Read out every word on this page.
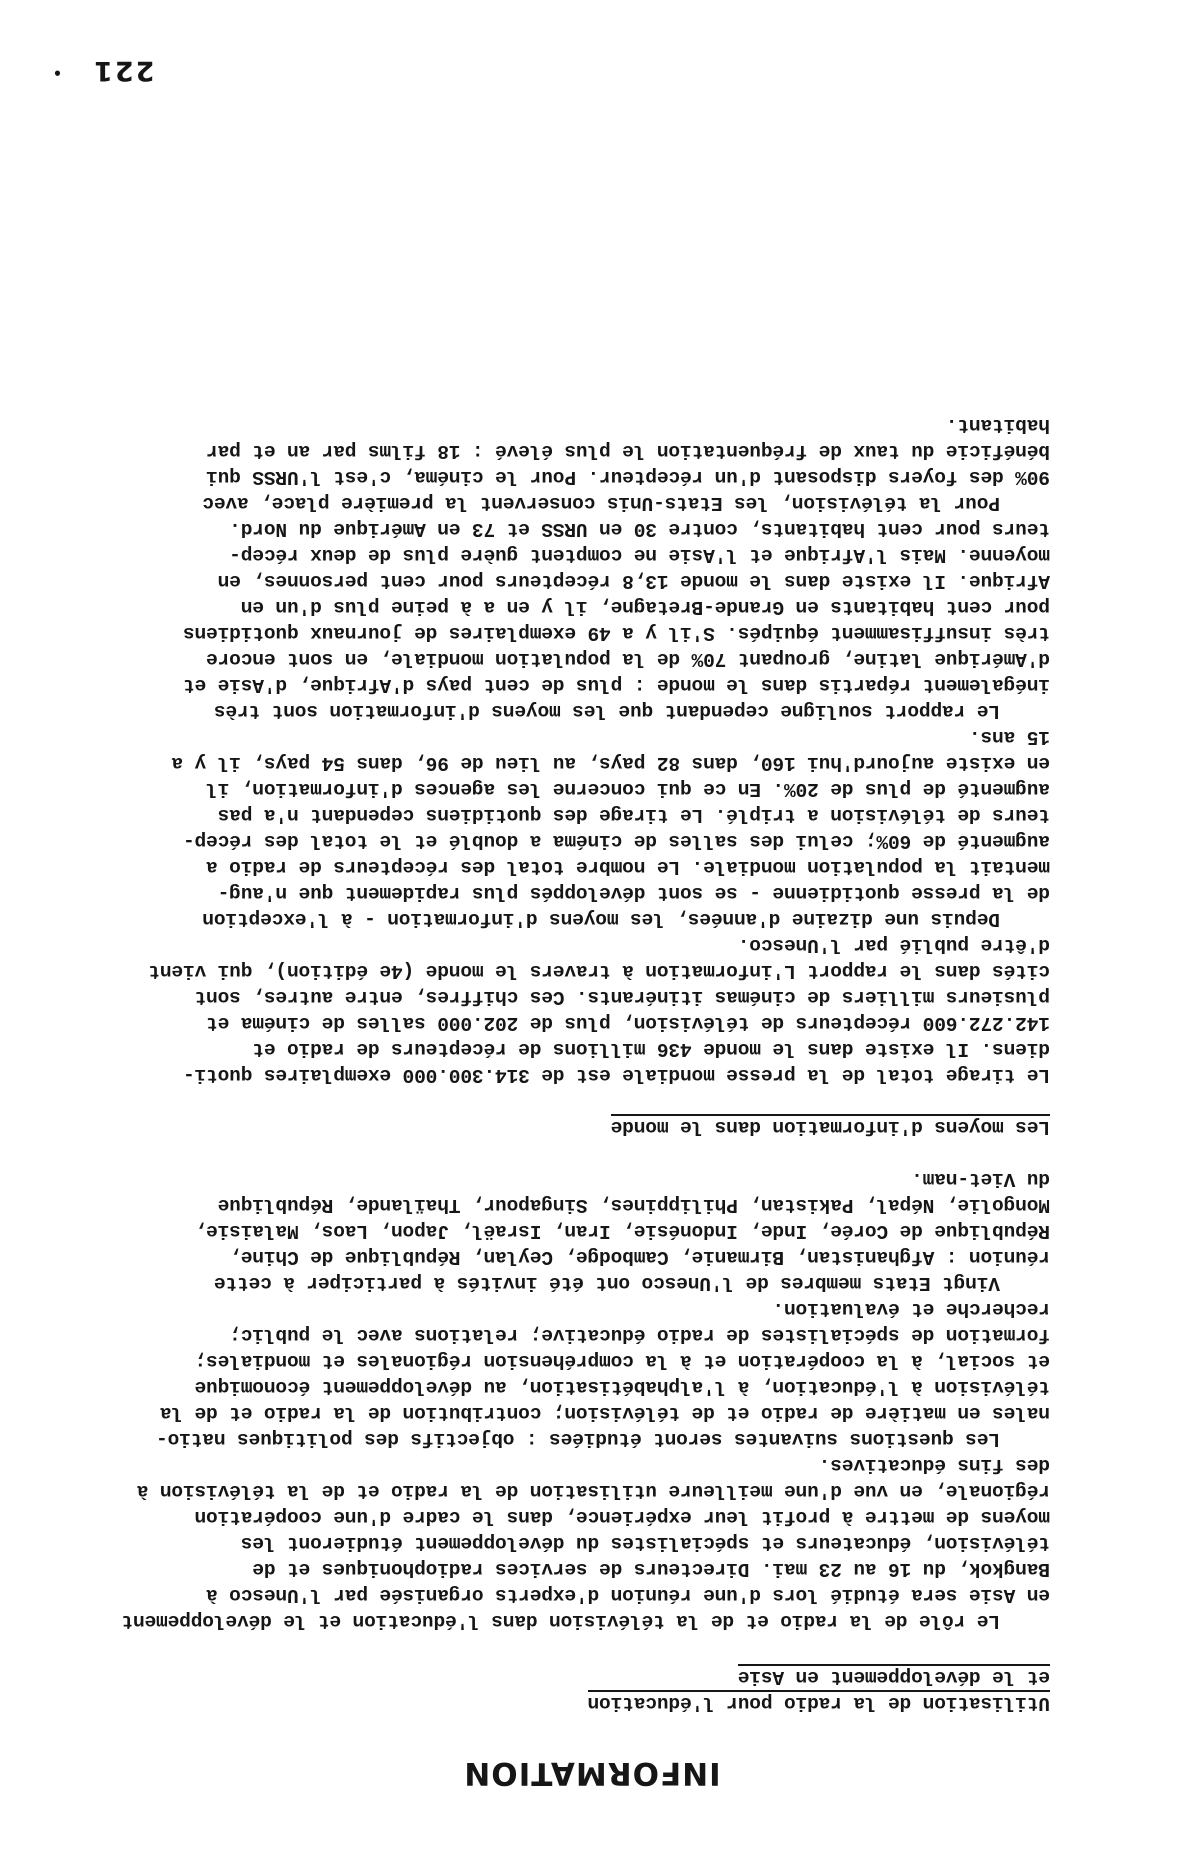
INFORMATION
Utilisation de la radio pour l'éducation
et le développement en Asie
Le rôle de la radio et de la télévision dans l'éducation et le développement
en Asie sera étudié lors d'une réunion d'experts organisée par l'Unesco à
Bangkok, du 16 au 23 mai. Directeurs de services radiophoniques et de
télévision, éducateurs et spécialistes du développement étudieront les
moyens de mettre à profit leur expérience, dans le cadre d'une coopération
régionale, en vue d'une meilleure utilisation de la radio et de la télévision à
des fins éducatives.
Les questions suivantes seront étudiées : objectifs des politiques natio-
nales en matière de radio et de télévision; contribution de la radio et de la
télévision à l'éducation, à l'alphabétisation, au développement économique
et social, à la coopération et à la compréhension régionales et mondiales;
formation de spécialistes de radio éducative; relations avec le public;
recherche et évaluation.
Vingt Etats membres de l'Unesco ont été invités à participer à cette
réunion : Afghanistan, Birmanie, Cambodge, Ceylan, République de Chine,
République de Corée, Inde, Indonésie, Iran, Israël, Japon, Laos, Malaisie,
Mongolie, Népal, Pakistan, Philippines, Singapour, Thaïlande, République
du Viet-nam.
Les moyens d'information dans le monde
Le tirage total de la presse mondiale est de 314.300.000 exemplaires quoti-
diens. Il existe dans le monde 436 millions de récepteurs de radio et
142.272.600 récepteurs de télévision, plus de 202.000 salles de cinéma et
plusieurs milliers de cinémas itinérants. Ces chiffres, entre autres, sont
cités dans le rapport L'information à travers le monde (4e édition), qui vient
d'être publié par l'Unesco.
Depuis une dizaine d'années, les moyens d'information - à l'exception
de la presse quotidienne - se sont développés plus rapidement que n'aug-
mentait la population mondiale. Le nombre total des récepteurs de radio a
augmenté de 60%; celui des salles de cinéma a doublé et le total des récep-
teurs de télévision a triplé. Le tirage des quotidiens cependant n'a pas
augmenté de plus de 20%. En ce qui concerne les agences d'information, il
en existe aujourd'hui 160, dans 82 pays, au lieu de 96, dans 54 pays, il y a
15 ans.
Le rapport souligne cependant que les moyens d'information sont très
inégalement répartis dans le monde : plus de cent pays d'Afrique, d'Asie et
d'Amérique latine, groupant 70% de la population mondiale, en sont encore
très insuffisamment équipés. S'il y a 49 exemplaires de journaux quotidiens
pour cent habitants en Grande-Bretagne, il y en a à peine plus d'un en
Afrique. Il existe dans le monde 13,8 récepteurs pour cent personnes, en
moyenne. Mais l'Afrique et l'Asie ne comptent guère plus de deux récep-
teurs pour cent habitants, contre 30 en URSS et 73 en Amérique du Nord.
Pour la télévision, les Etats-Unis conservent la première place, avec
90% des foyers disposant d'un récepteur. Pour le cinéma, c'est l'URSS qui
bénéficie du taux de fréquentation le plus élevé : 18 films par an et par
habitant.
221
•
